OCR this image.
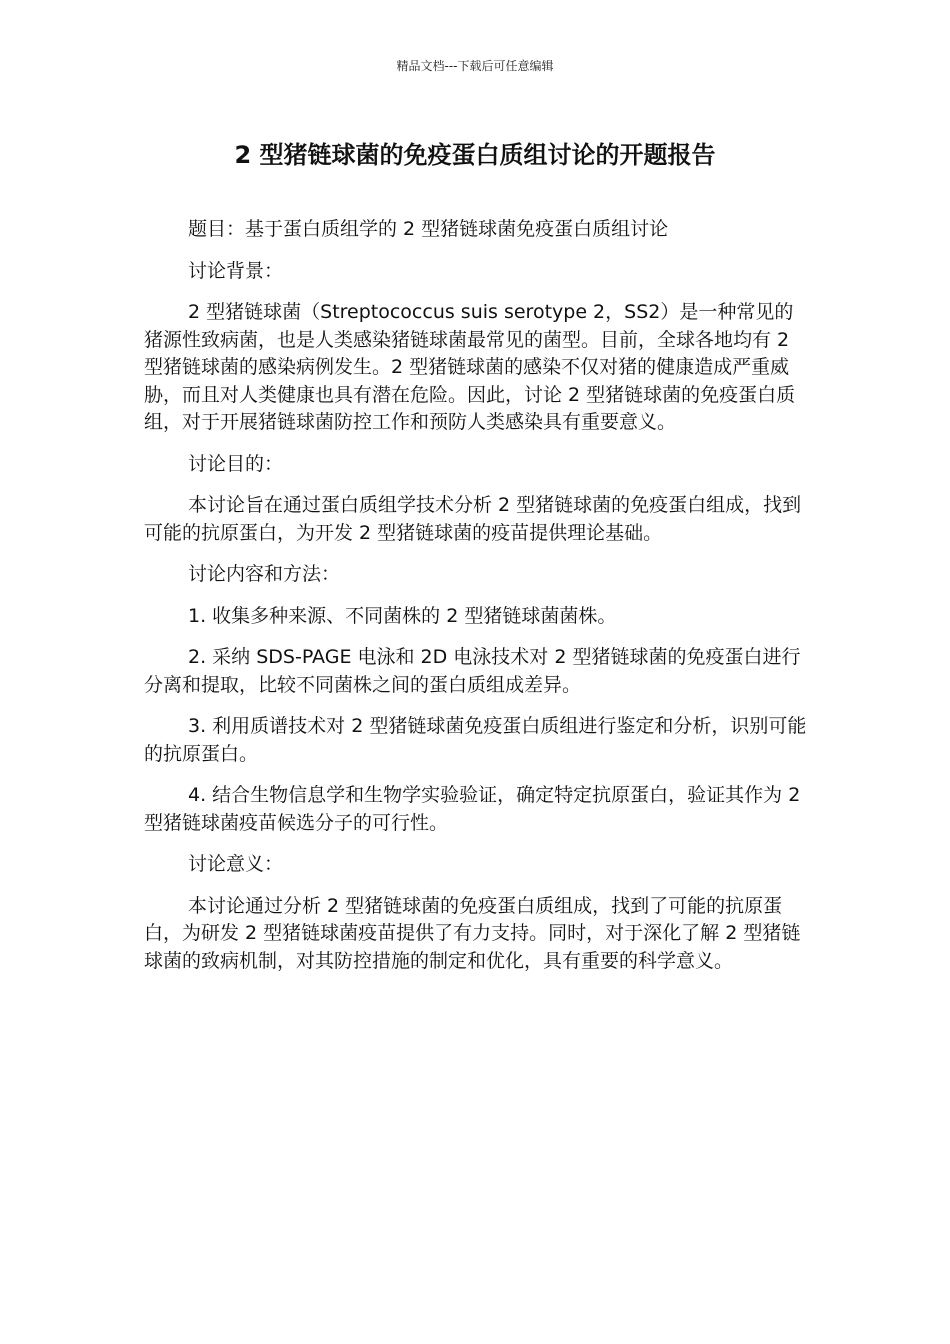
精品文档---下载后可任意编辑
2 型猪链球菌的免疫蛋白质组讨论的开题报告

题目：基于蛋白质组学的 2 型猪链球菌免疫蛋白质组讨论

讨论背景：

2 型猪链球菌（Streptococcus suis serotype 2，SS2）是一种常见的猪源性致病菌，也是人类感染猪链球菌最常见的菌型。目前，全球各地均有 2 型猪链球菌的感染病例发生。2 型猪链球菌的感染不仅对猪的健康造成严重威胁，而且对人类健康也具有潜在危险。因此，讨论 2 型猪链球菌的免疫蛋白质组，对于开展猪链球菌防控工作和预防人类感染具有重要意义。

讨论目的：

本讨论旨在通过蛋白质组学技术分析 2 型猪链球菌的免疫蛋白组成，找到可能的抗原蛋白，为开发 2 型猪链球菌的疫苗提供理论基础。

讨论内容和方法：

1. 收集多种来源、不同菌株的 2 型猪链球菌菌株。

2. 采纳 SDS-PAGE 电泳和 2D 电泳技术对 2 型猪链球菌的免疫蛋白进行分离和提取，比较不同菌株之间的蛋白质组成差异。

3. 利用质谱技术对 2 型猪链球菌免疫蛋白质组进行鉴定和分析，识别可能的抗原蛋白。

4. 结合生物信息学和生物学实验验证，确定特定抗原蛋白，验证其作为 2 型猪链球菌疫苗候选分子的可行性。

讨论意义：

本讨论通过分析 2 型猪链球菌的免疫蛋白质组成，找到了可能的抗原蛋白，为研发 2 型猪链球菌疫苗提供了有力支持。同时，对于深化了解 2 型猪链球菌的致病机制，对其防控措施的制定和优化，具有重要的科学意义。
